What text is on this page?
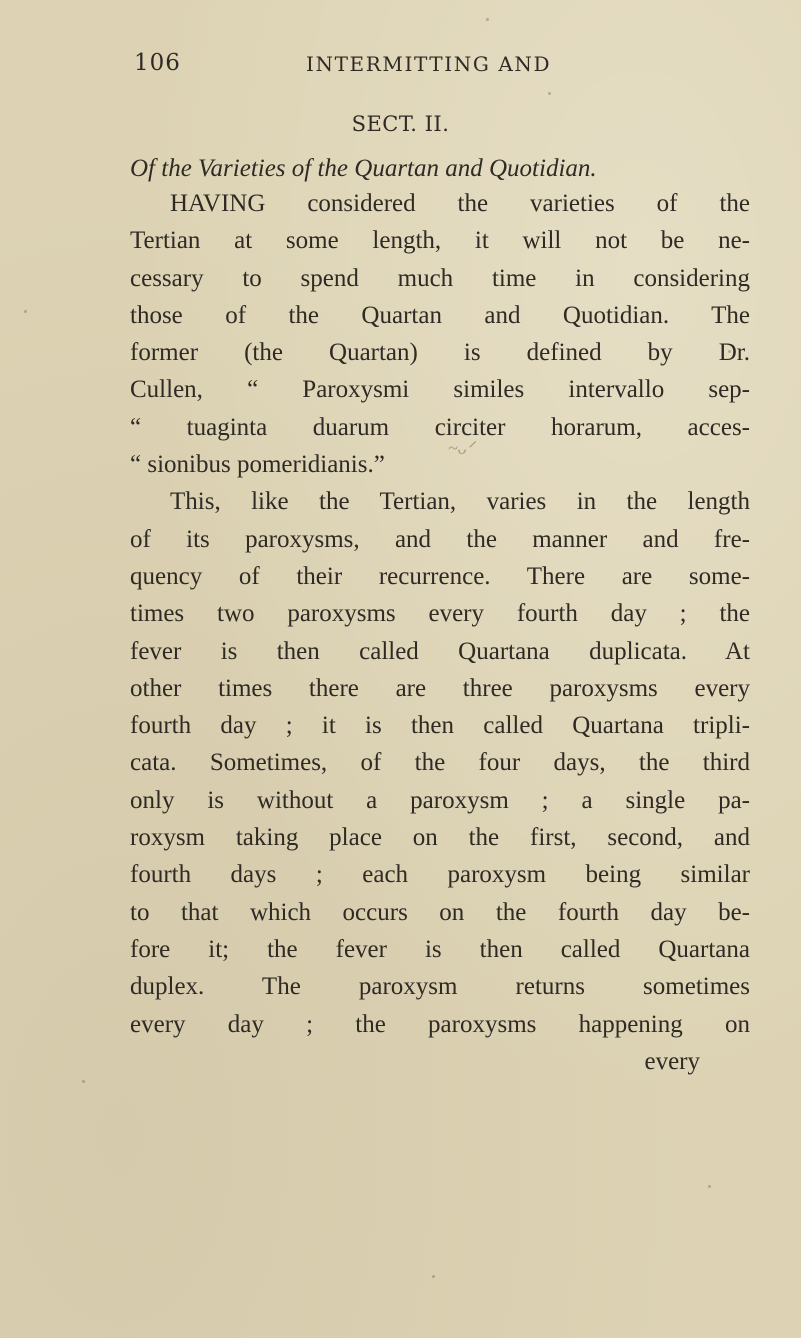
106	INTERMITTING AND
SECT. II.
Of the Varieties of the Quartan and Quotidian.
HAVING considered the varieties of the
Tertian at some length, it will not be ne-
cessary to spend much time in considering
those of the Quartan and Quotidian. The
former (the Quartan) is defined by Dr.
Cullen, “ Paroxysmi similes intervallo sep-
“ tuaginta duarum circiter horarum, acces-
“ sionibus pomeridianis.”
This, like the Tertian, varies in the length
of its paroxysms, and the manner and fre-
quency of their recurrence. There are some-
times two paroxysms every fourth day ; the
fever is then called Quartana duplicata. At
other times there are three paroxysms every
fourth day ; it is then called Quartana tripli-
cata. Sometimes, of the four days, the third
only is without a paroxysm ; a single pa-
roxysm taking place on the first, second, and
fourth days ; each paroxysm being similar
to that which occurs on the fourth day be-
fore it; the fever is then called Quartana
duplex. The paroxysm returns sometimes
every day ; the paroxysms happening on
every
~ᴗᐟ
